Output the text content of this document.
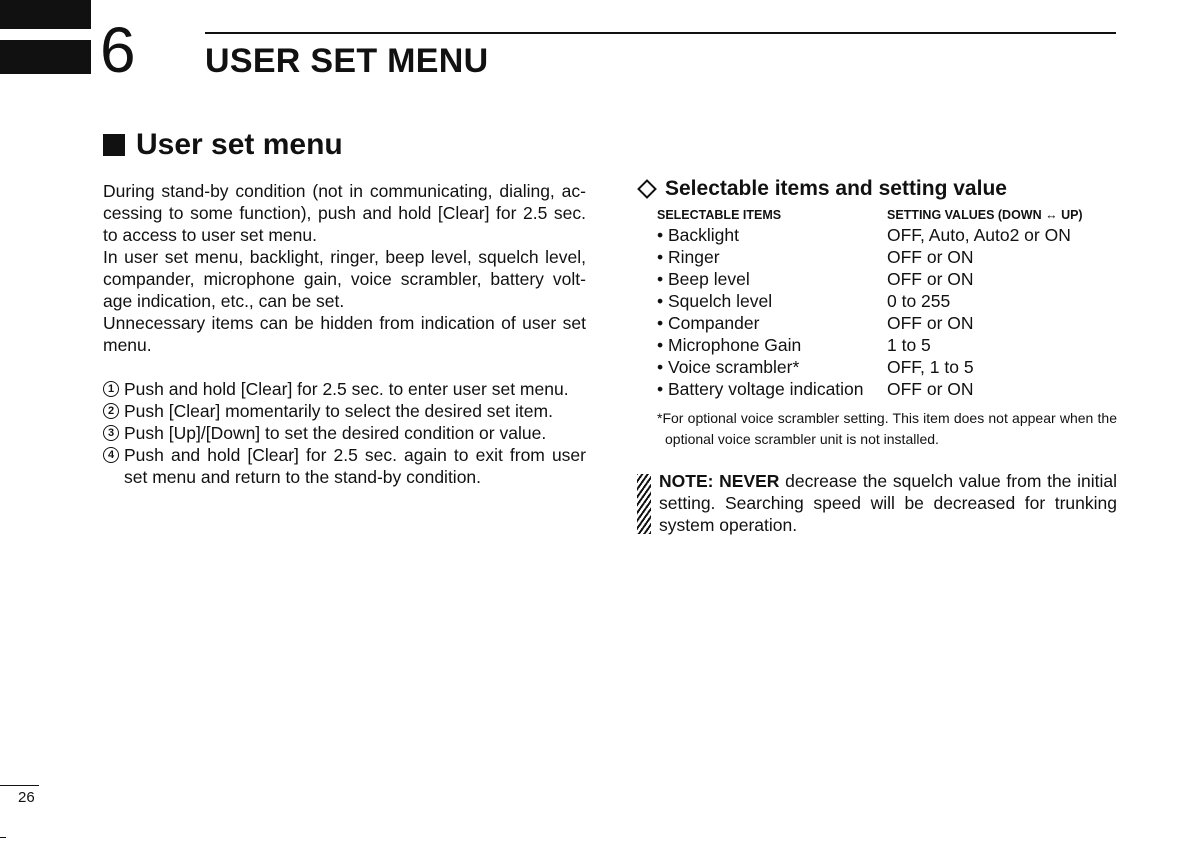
6 USER SET MENU
User set menu

During stand-by condition (not in communicating, dialing, ac-cessing to some function), push and hold [Clear] for 2.5 sec. to access to user set menu.

In user set menu, backlight, ringer, beep level, squelch level, compander, microphone gain, voice scrambler, battery volt-age indication, etc., can be set.

Unnecessary items can be hidden from indication of user set menu.

1 Push and hold [Clear] for 2.5 sec. to enter user set menu.
2 Push [Clear] momentarily to select the desired set item.
3 Push [Up]/[Down] to set the desired condition or value.
4 Push and hold [Clear] for 2.5 sec. again to exit from user set menu and return to the stand-by condition.
Selectable items and setting value
SELECTABLE ITEMS	SETTING VALUES (DOWN ↔ UP)
• Backlight	OFF, Auto, Auto2 or ON
• Ringer	OFF or ON
• Beep level	OFF or ON
• Squelch level	0 to 255
• Compander	OFF or ON
• Microphone Gain	1 to 5
• Voice scrambler*	OFF, 1 to 5
• Battery voltage indication	OFF or ON
*For optional voice scrambler setting. This item does not appear when the optional voice scrambler unit is not installed.
NOTE: NEVER decrease the squelch value from the initial setting. Searching speed will be decreased for trunking system operation.
26
